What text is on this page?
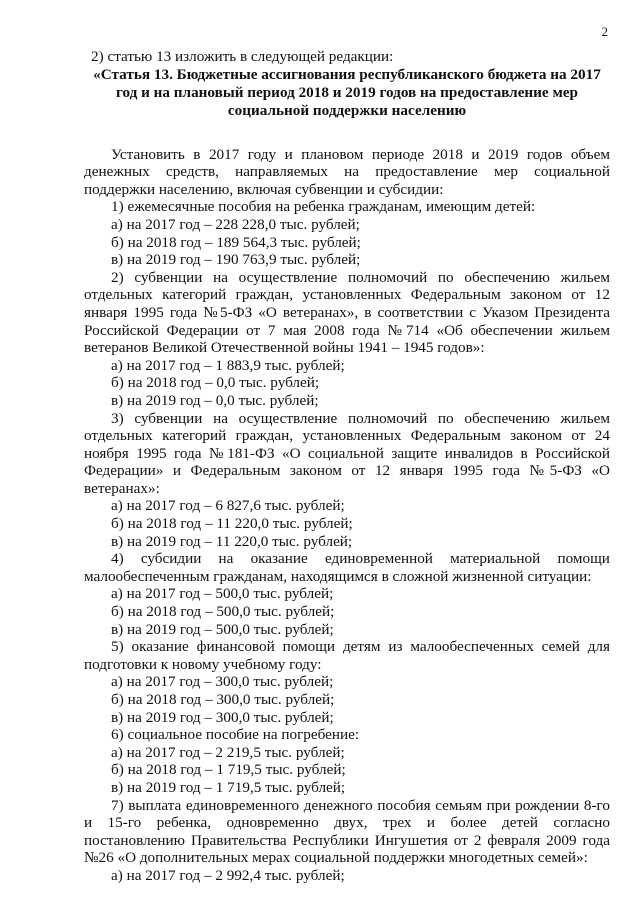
2

2) статью 13 изложить в следующей редакции:

«Статья 13. Бюджетные ассигнования республиканского бюджета на 2017 год и на плановый период 2018 и 2019 годов на предоставление мер социальной поддержки населению

Установить в 2017 году и плановом периоде 2018 и 2019 годов объем денежных средств, направляемых на предоставление мер социальной поддержки населению, включая субвенции и субсидии:

1) ежемесячные пособия на ребенка гражданам, имеющим детей:

а) на 2017 год – 228 228,0 тыс. рублей;

б) на 2018 год – 189 564,3 тыс. рублей;

в) на 2019 год – 190 763,9 тыс. рублей;

2) субвенции на осуществление полномочий по обеспечению жильем отдельных категорий граждан, установленных Федеральным законом от 12 января 1995 года №5-ФЗ «О ветеранах», в соответствии с Указом Президента Российской Федерации от 7 мая 2008 года №714 «Об обеспечении жильем ветеранов Великой Отечественной войны 1941 – 1945 годов»:

а) на 2017 год – 1 883,9 тыс. рублей;

б) на 2018 год – 0,0 тыс. рублей;

в) на 2019 год – 0,0 тыс. рублей;

3) субвенции на осуществление полномочий по обеспечению жильем отдельных категорий граждан, установленных Федеральным законом от 24 ноября 1995 года №181-ФЗ «О социальной защите инвалидов в Российской Федерации» и Федеральным законом от 12 января 1995 года №5-ФЗ «О ветеранах»:

а) на 2017 год – 6 827,6 тыс. рублей;

б) на 2018 год – 11 220,0 тыс. рублей;

в) на 2019 год – 11 220,0 тыс. рублей;

4) субсидии на оказание единовременной материальной помощи

малообеспеченным гражданам, находящимся в сложной жизненной ситуации:

а) на 2017 год – 500,0 тыс. рублей;

б) на 2018 год – 500,0 тыс. рублей;

в) на 2019 год – 500,0 тыс. рублей;

5) оказание финансовой помощи детям из малообеспеченных семей для подготовки к новому учебному году:

а) на 2017 год – 300,0 тыс. рублей;

б) на 2018 год – 300,0 тыс. рублей;

в) на 2019 год – 300,0 тыс. рублей;

6) социальное пособие на погребение:

а) на 2017 год – 2 219,5 тыс. рублей;

б) на 2018 год – 1 719,5 тыс. рублей;

в) на 2019 год – 1 719,5 тыс. рублей;

7) выплата единовременного денежного пособия семьям при рождении 8-го и 15-го ребенка, одновременно двух, трех и более детей согласно постановлению Правительства Республики Ингушетия от 2 февраля 2009 года №26 «О дополнительных мерах социальной поддержки многодетных семей»:

а) на 2017 год – 2 992,4 тыс. рублей;
